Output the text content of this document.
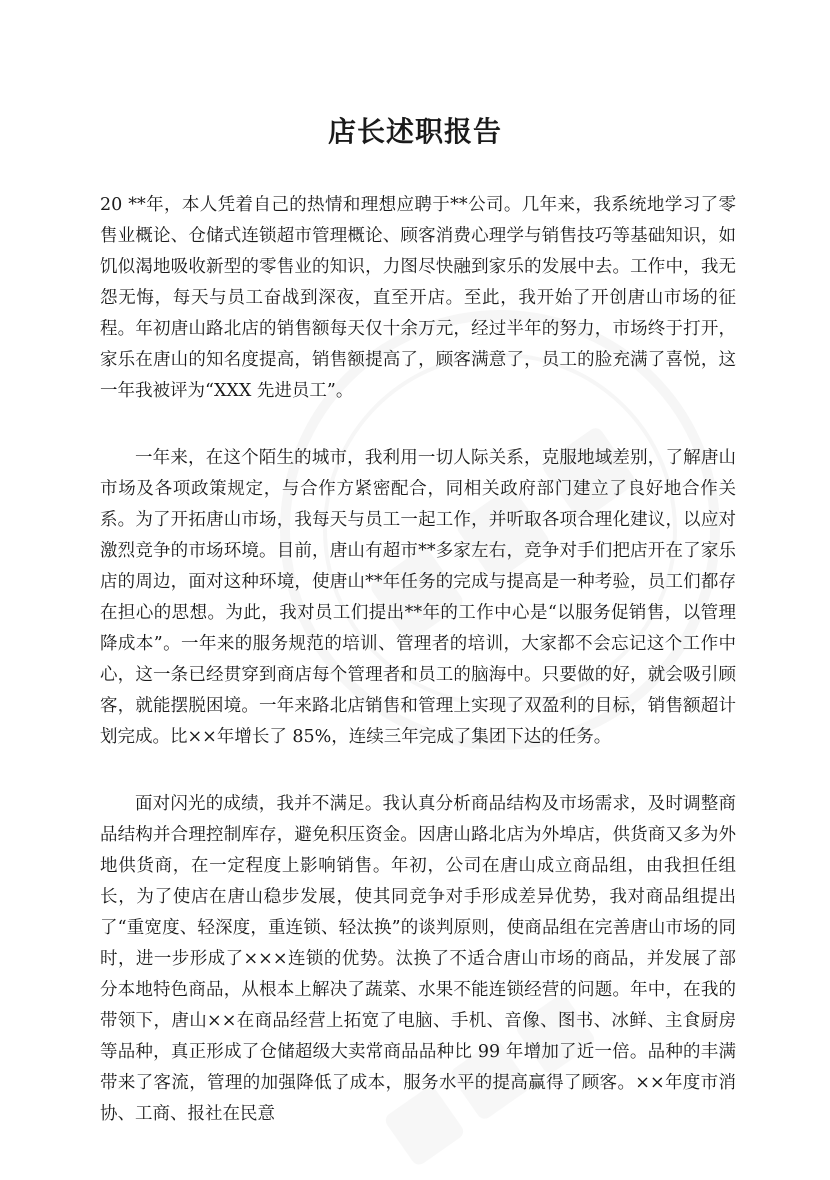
店长述职报告

20 **年，本人凭着自己的热情和理想应聘于**公司。几年来，我系统地学习了零售业概论、仓储式连锁超市管理概论、顾客消费心理学与销售技巧等基础知识，如饥似渴地吸收新型的零售业的知识，力图尽快融到家乐的发展中去。工作中，我无怨无悔，每天与员工奋战到深夜，直至开店。至此，我开始了开创唐山市场的征程。年初唐山路北店的销售额每天仅十余万元，经过半年的努力，市场终于打开，家乐在唐山的知名度提高，销售额提高了，顾客满意了，员工的脸充满了喜悦，这一年我被评为“XXX 先进员工”。

一年来，在这个陌生的城市，我利用一切人际关系，克服地域差别，了解唐山市场及各项政策规定，与合作方紧密配合，同相关政府部门建立了良好地合作关系。为了开拓唐山市场，我每天与员工一起工作，并听取各项合理化建议，以应对激烈竞争的市场环境。目前，唐山有超市**多家左右，竞争对手们把店开在了家乐店的周边，面对这种环境，使唐山**年任务的完成与提高是一种考验，员工们都存在担心的思想。为此，我对员工们提出**年的工作中心是“以服务促销售，以管理降成本”。一年来的服务规范的培训、管理者的培训，大家都不会忘记这个工作中心，这一条已经贯穿到商店每个管理者和员工的脑海中。只要做的好，就会吸引顾客，就能摆脱困境。一年来路北店销售和管理上实现了双盈利的目标，销售额超计划完成。比××年增长了 85%，连续三年完成了集团下达的任务。

面对闪光的成绩，我并不满足。我认真分析商品结构及市场需求，及时调整商品结构并合理控制库存，避免积压资金。因唐山路北店为外埠店，供货商又多为外地供货商，在一定程度上影响销售。年初，公司在唐山成立商品组，由我担任组长，为了使店在唐山稳步发展，使其同竞争对手形成差异优势，我对商品组提出了“重宽度、轻深度，重连锁、轻汰换”的谈判原则，使商品组在完善唐山市场的同时，进一步形成了×××连锁的优势。汰换了不适合唐山市场的商品，并发展了部分本地特色商品，从根本上解决了蔬菜、水果不能连锁经营的问题。年中，在我的带领下，唐山××在商品经营上拓宽了电脑、手机、音像、图书、冰鲜、主食厨房等品种，真正形成了仓储超级大卖常商品品种比 99 年增加了近一倍。品种的丰满带来了客流，管理的加强降低了成本，服务水平的提高赢得了顾客。××年度市消协、工商、报社在民意
